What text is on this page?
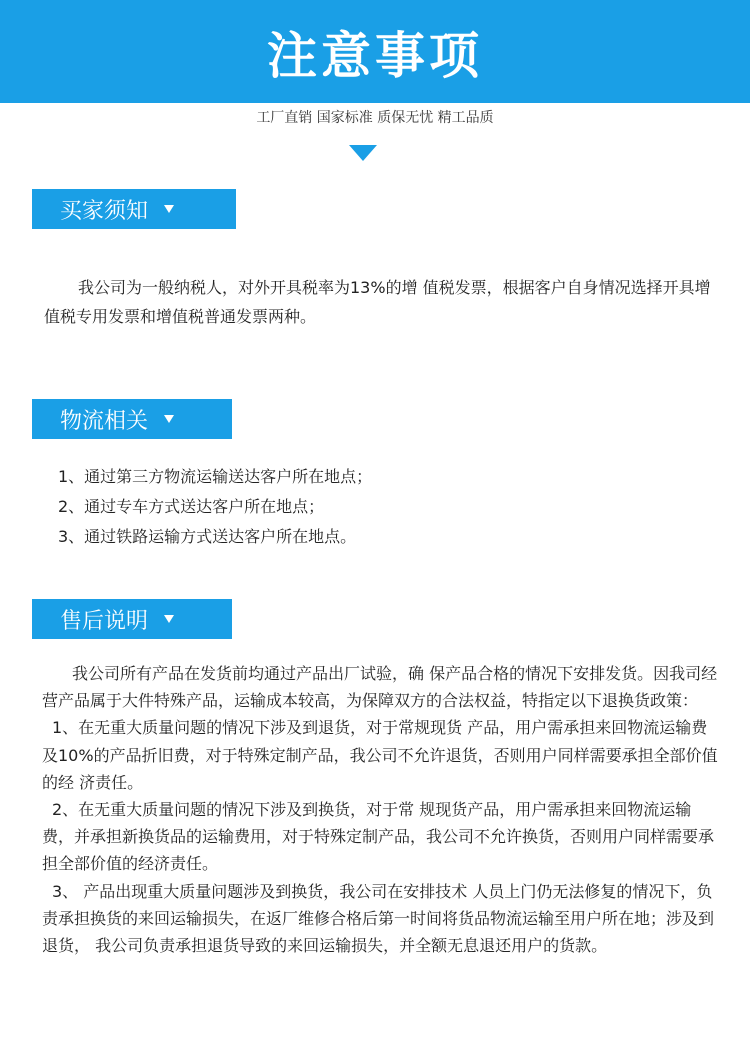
注意事项
工厂直销 国家标准 质保无忧 精工品质
买家须知
我公司为一般纳税人，对外开具税率为13%的增 值税发票，根据客户自身情况选择开具增值税专用发票和增值税普通发票两种。
物流相关
1、通过第三方物流运输送达客户所在地点；
2、通过专车方式送达客户所在地点；
3、通过铁路运输方式送达客户所在地点。
售后说明

我公司所有产品在发货前均通过产品出厂试验，确 保产品合格的情况下安排发货。因我司经营产品属于大件特殊产品，运输成本较高，为保障双方的合法权益，特指定以下退换货政策：

1、在无重大质量问题的情况下涉及到退货，对于常规现货 产品，用户需承担来回物流运输费及10%的产品折旧费，对于特殊定制产品，我公司不允许退货，否则用户同样需要承担全部价值的经 济责任。

2、在无重大质量问题的情况下涉及到换货，对于常 规现货产品，用户需承担来回物流运输费，并承担新换货品的运输费用，对于特殊定制产品，我公司不允许换货，否则用户同样需要承 担全部价值的经济责任。

3、 产品出现重大质量问题涉及到换货，我公司在安排技术 人员上门仍无法修复的情况下，负责承担换货的来回运输损失，在返厂维修合格后第一时间将货品物流运输至用户所在地；涉及到退货， 我公司负责承担退货导致的来回运输损失，并全额无息退还用户的货款。
